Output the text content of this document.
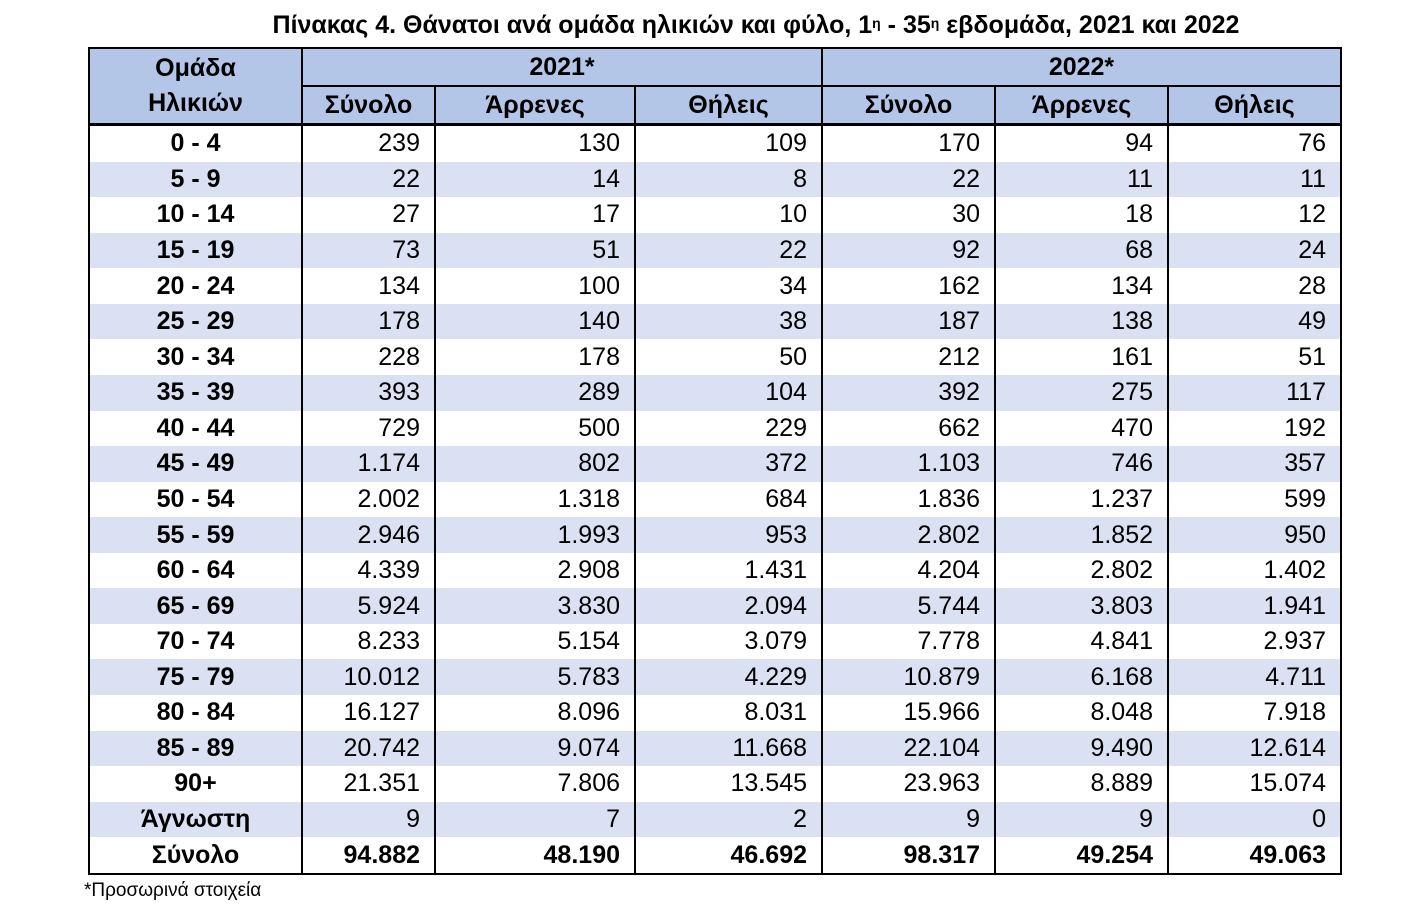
Πίνακας 4. Θάνατοι ανά ομάδα ηλικιών και φύλο, $1^\eta - 35^\eta$ εβδομάδα, 2021 και 2022
Ομάδα
Ηλικιών	2021*			2022*		
	Σύνολο	Άρρενες	Θήλεις	Σύνολο	Άρρενες	Θήλεις
0 - 4	239	130	109	170	94	76
5 - 9	22	14	8	22	11	11
10 - 14	27	17	10	30	18	12
15 - 19	73	51	22	92	68	24
20 - 24	134	100	34	162	134	28
25 - 29	178	140	38	187	138	49
30 - 34	228	178	50	212	161	51
35 - 39	393	289	104	392	275	117
40 - 44	729	500	229	662	470	192
45 - 49	1.174	802	372	1.103	746	357
50 - 54	2.002	1.318	684	1.836	1.237	599
55 - 59	2.946	1.993	953	2.802	1.852	950
60 - 64	4.339	2.908	1.431	4.204	2.802	1.402
65 - 69	5.924	3.830	2.094	5.744	3.803	1.941
70 - 74	8.233	5.154	3.079	7.778	4.841	2.937
75 - 79	10.012	5.783	4.229	10.879	6.168	4.711
80 - 84	16.127	8.096	8.031	15.966	8.048	7.918
85 - 89	20.742	9.074	11.668	22.104	9.490	12.614
90+	21.351	7.806	13.545	23.963	8.889	15.074
Άγνωστη	9	7	2	9	9	0
Σύνολο	94.882	48.190	46.692	98.317	49.254	49.063
*Προσωρινά στοιχεία
